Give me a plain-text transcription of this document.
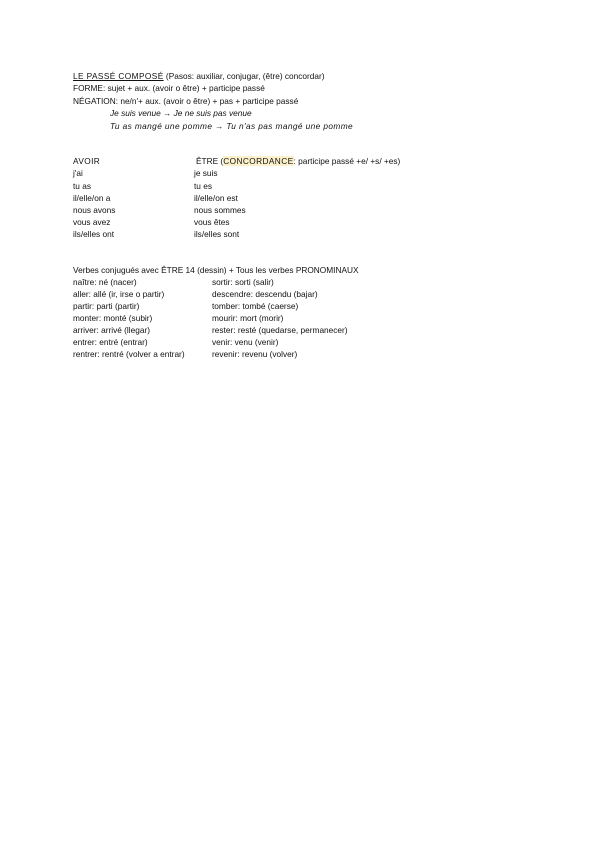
LE PASSÉ COMPOSÉ (Pasos: auxiliar, conjugar, (être) concordar)
FORME: sujet + aux. (avoir o être) + participe passé
NÉGATION: ne/n'+ aux. (avoir o être) + pas + participe passé
Je suis venue → Je ne suis pas venue
Tu as mangé une pomme → Tu n'as pas mangé une pomme
AVOIR	ÊTRE (CONCORDANCE: participe passé +e/ +s/ +es)
j'ai
tu as
il/elle/on a
nous avons
vous avez
ils/elles ont
je suis
tu es
il/elle/on est
nous sommes
vous êtes
ils/elles sont
Verbes conjugués avec ÊTRE 14 (dessin) + Tous les verbes PRONOMINAUX
naître: né (nacer)
aller: allé (ir, irse o partir)
partir: parti (partir)
monter: monté (subir)
arriver: arrivé (llegar)
entrer: entré (entrar)
rentrer: rentré (volver a entrar)
sortir: sorti (salir)
descendre: descendu (bajar)
tomber: tombé (caerse)
mourir: mort (morir)
rester: resté (quedarse, permanecer)
venir: venu (venir)
revenir: revenu (volver)
